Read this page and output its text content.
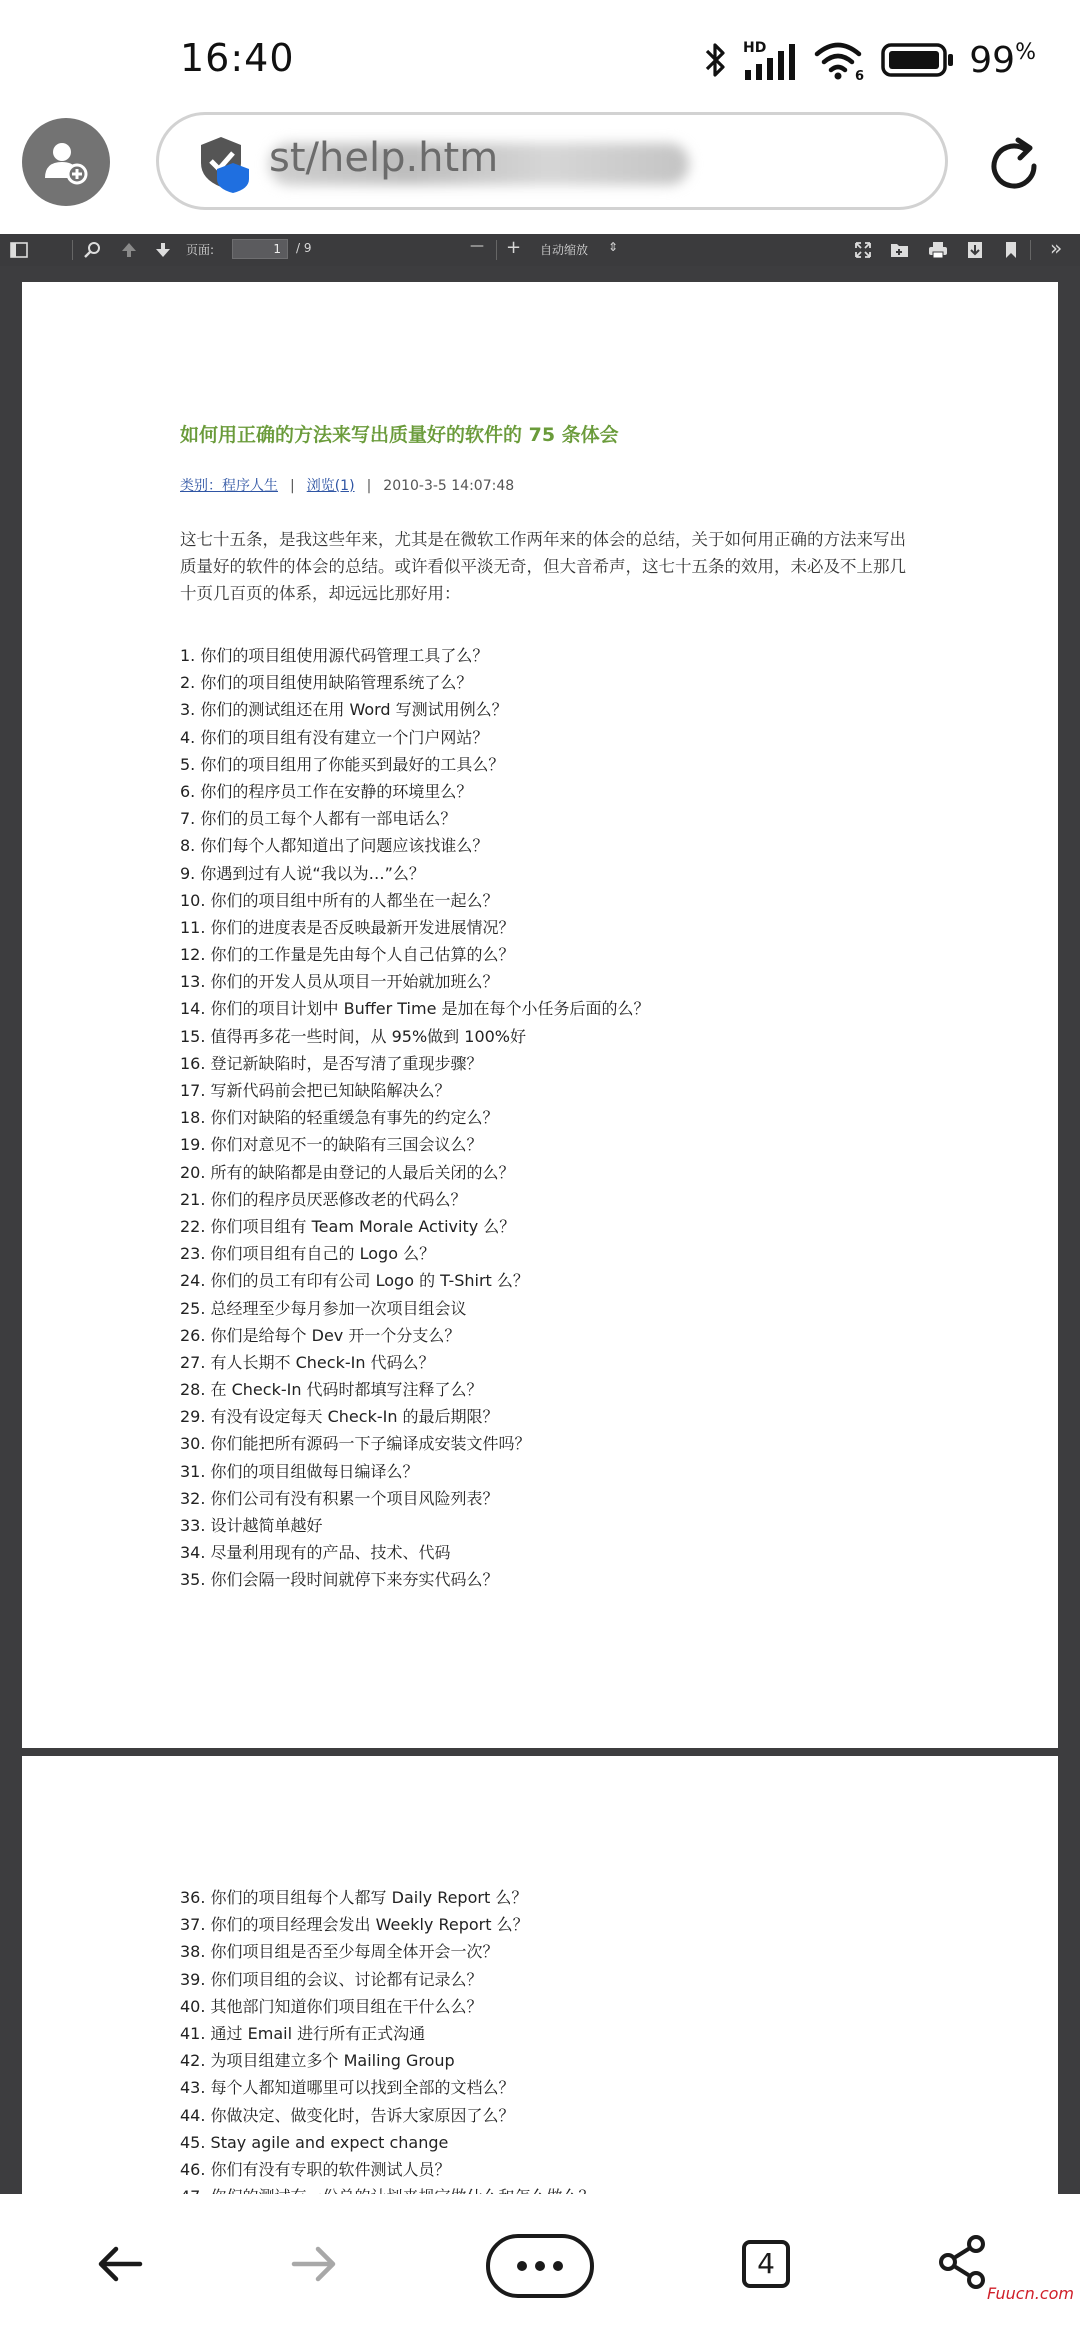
16:40	HD
6	99%
st/help.htm
页面:
1	/ 9	— + 自动缩放 ⇕	»
如何用正确的方法来写出质量好的软件的 75 条体会
类别：程序人生 | 浏览(1) | 2010-3-5 14:07:48
这七十五条，是我这些年来，尤其是在微软工作两年来的体会的总结，关于如何用正确的方法来写出质量好的软件的体会的总结。或许看似平淡无奇，但大音希声，这七十五条的效用，未必及不上那几十页几百页的体系，却远远比那好用：
1. 你们的项目组使用源代码管理工具了么？
2. 你们的项目组使用缺陷管理系统了么？
3. 你们的测试组还在用 Word 写测试用例么？
4. 你们的项目组有没有建立一个门户网站？
5. 你们的项目组用了你能买到最好的工具么？
6. 你们的程序员工作在安静的环境里么？
7. 你们的员工每个人都有一部电话么？
8. 你们每个人都知道出了问题应该找谁么？
9. 你遇到过有人说“我以为…”么？
10. 你们的项目组中所有的人都坐在一起么？
11. 你们的进度表是否反映最新开发进展情况？
12. 你们的工作量是先由每个人自己估算的么？
13. 你们的开发人员从项目一开始就加班么？
14. 你们的项目计划中 Buffer Time 是加在每个小任务后面的么？
15. 值得再多花一些时间，从 95%做到 100%好
16. 登记新缺陷时，是否写清了重现步骤？
17. 写新代码前会把已知缺陷解决么？
18. 你们对缺陷的轻重缓急有事先的约定么？
19. 你们对意见不一的缺陷有三国会议么？
20. 所有的缺陷都是由登记的人最后关闭的么？
21. 你们的程序员厌恶修改老的代码么？
22. 你们项目组有 Team Morale Activity 么？
23. 你们项目组有自己的 Logo 么？
24. 你们的员工有印有公司 Logo 的 T-Shirt 么？
25. 总经理至少每月参加一次项目组会议
26. 你们是给每个 Dev 开一个分支么？
27. 有人长期不 Check-In 代码么？
28. 在 Check-In 代码时都填写注释了么？
29. 有没有设定每天 Check-In 的最后期限？
30. 你们能把所有源码一下子编译成安装文件吗？
31. 你们的项目组做每日编译么？
32. 你们公司有没有积累一个项目风险列表？
33. 设计越简单越好
34. 尽量利用现有的产品、技术、代码
35. 你们会隔一段时间就停下来夯实代码么？
36. 你们的项目组每个人都写 Daily Report 么？
37. 你们的项目经理会发出 Weekly Report 么？
38. 你们项目组是否至少每周全体开会一次？
39. 你们项目组的会议、讨论都有记录么？
40. 其他部门知道你们项目组在干什么么？
41. 通过 Email 进行所有正式沟通
42. 为项目组建立多个 Mailing Group
43. 每个人都知道哪里可以找到全部的文档么？
44. 你做决定、做变化时，告诉大家原因了么？
45. Stay agile and expect change
46. 你们有没有专职的软件测试人员？
4
Fuucn.com
